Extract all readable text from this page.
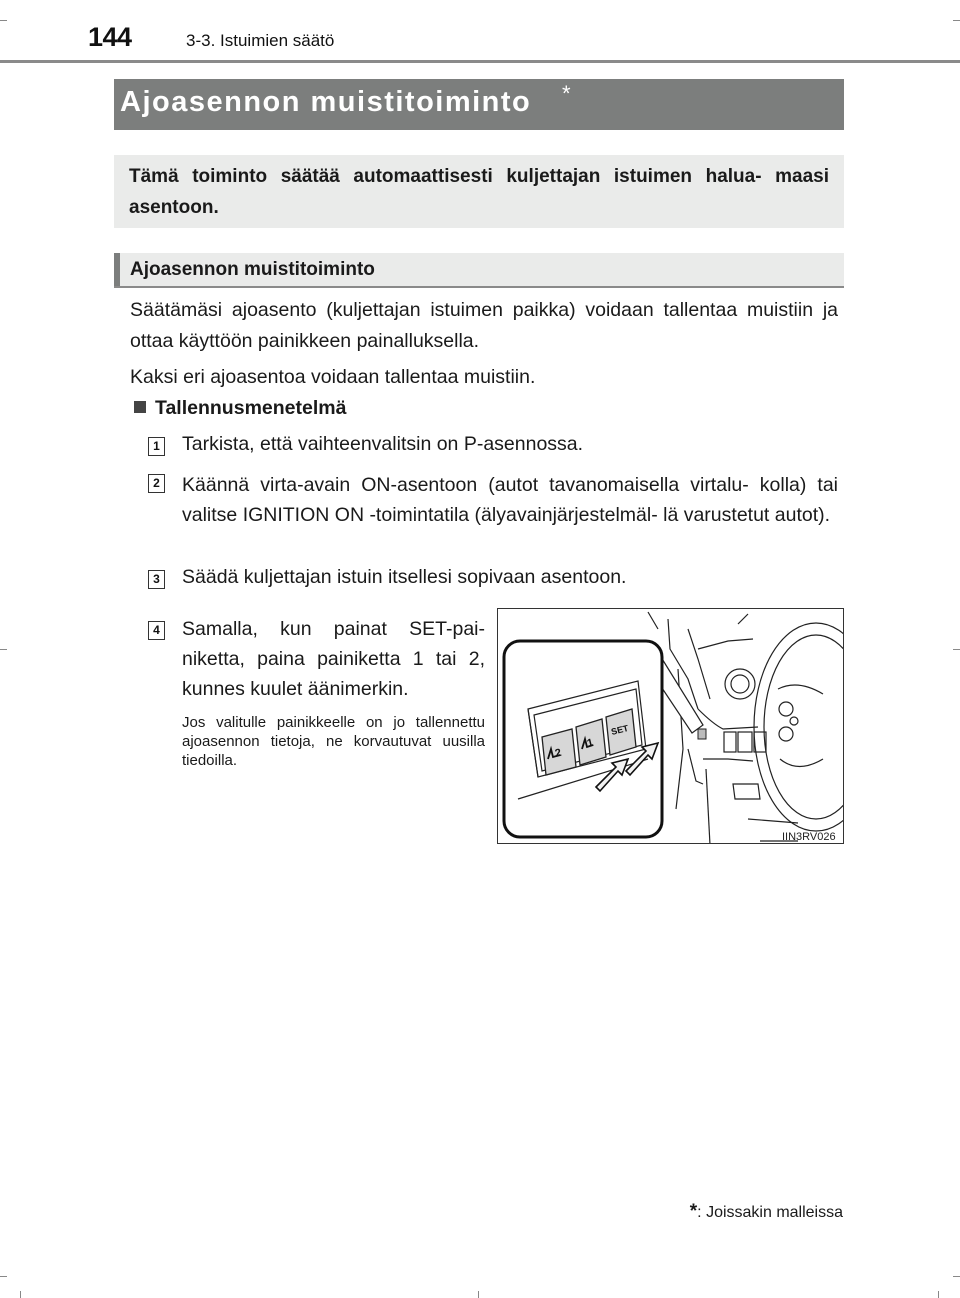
144	3-3. Istuimien säätö
Ajoasennon muistitoiminto *
Tämä toiminto säätää automaattisesti kuljettajan istuimen halua- maasi asentoon.
Ajoasennon muistitoiminto
Säätämäsi ajoasento (kuljettajan istuimen paikka) voidaan tallentaa muistiin ja ottaa käyttöön painikkeen painalluksella.
Kaksi eri ajoasentoa voidaan tallentaa muistiin.
Tallennusmenetelmä
1 Tarkista, että vaihteenvalitsin on P-asennossa.
2 Käännä virta-avain ON-asentoon (autot tavanomaisella virtalu- kolla) tai valitse IGNITION ON -toimintatila (älyavainjärjestelmäl- lä varustetut autot).
3 Säädä kuljettajan istuin itsellesi sopivaan asentoon.
4 Samalla, kun painat SET-pai- niketta, paina painiketta 1 tai 2, kunnes kuulet äänimerkin.
Jos valitulle painikkeelle on jo tallennettu ajoasennon tietoja, ne korvautuvat uusilla tiedoilla.	2
1
SET
IIN3RV026
*: Joissakin malleissa
